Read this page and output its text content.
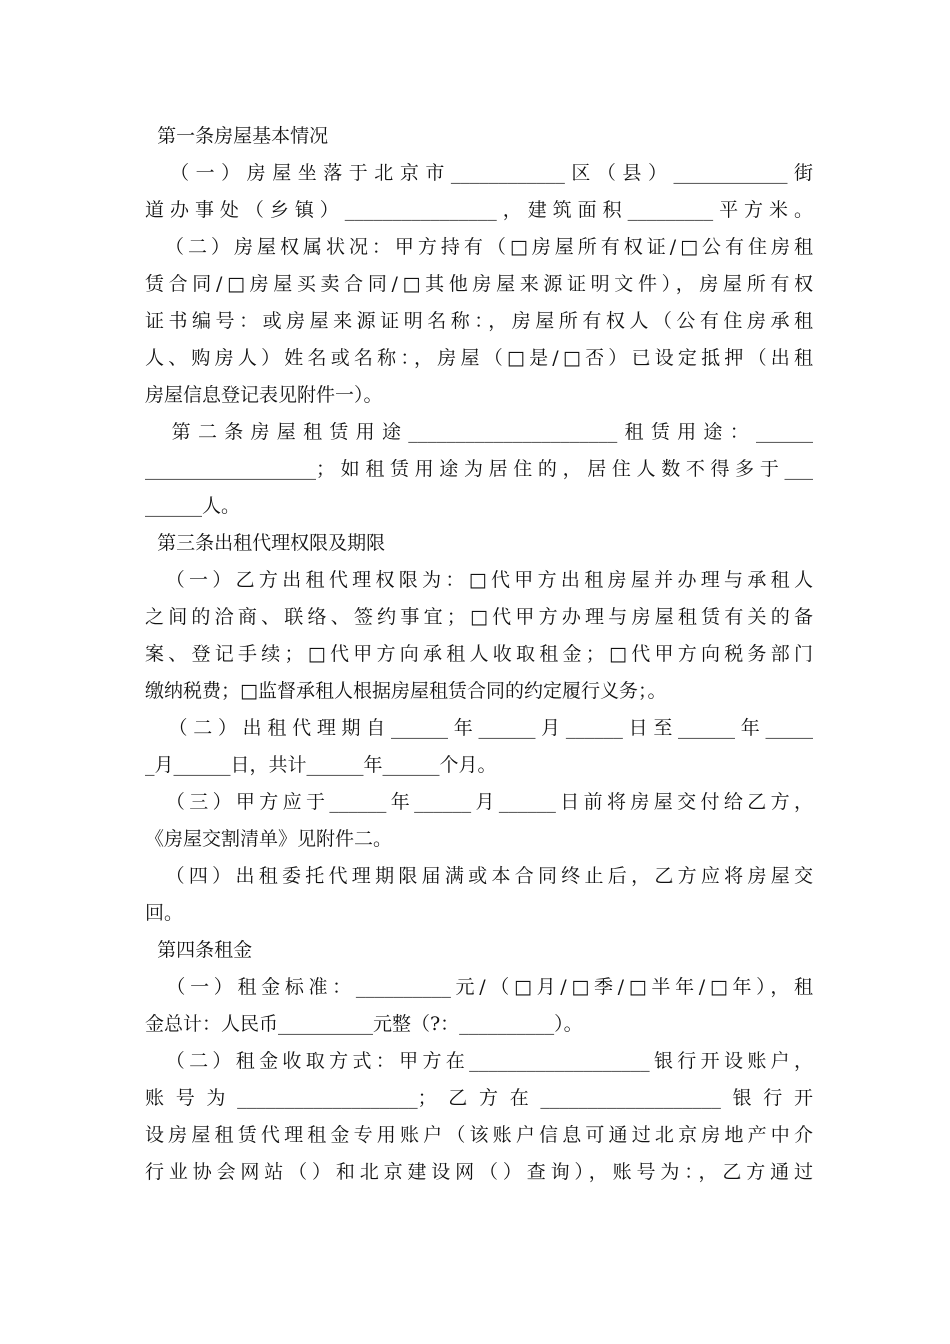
第一条房屋基本情况
（一）房屋坐落于北京市____________区（县）____________街
道办事处（乡镇）________________，建筑面积_________平方米。
（二）房屋权属状况：甲方持有（□房屋所有权证/□公有住房租
赁合同/□房屋买卖合同/□其他房屋来源证明文件），房屋所有权
证书编号：或房屋来源证明名称：，房屋所有权人（公有住房承租
人、购房人）姓名或名称：，房屋（□是/□否）已设定抵押（出租
房屋信息登记表见附件一）。
第二条房屋租赁用途______________________租赁用途：______
__________________；如租赁用途为居住的，居住人数不得多于___
______人。
第三条出租代理权限及期限
（一）乙方出租代理权限为：□代甲方出租房屋并办理与承租人
之间的洽商、联络、签约事宜；□代甲方办理与房屋租赁有关的备
案、登记手续；□代甲方向承租人收取租金；□代甲方向税务部门
缴纳税费；□监督承租人根据房屋租赁合同的约定履行义务；。
（二）出租代理期自______年______月______日至______年_____
_月______日，共计______年______个月。
（三）甲方应于______年______月______日前将房屋交付给乙方，
《房屋交割清单》见附件二。
（四）出租委托代理期限届满或本合同终止后，乙方应将房屋交
回。
第四条租金
（一）租金标准：__________元/（□月/□季/□半年/□年），租
金总计：人民币__________元整（?：__________）。
（二）租金收取方式：甲方在___________________银行开设账户，
账号为___________________；乙方在___________________银行开
设房屋租赁代理租金专用账户（该账户信息可通过北京房地产中介
行业协会网站（）和北京建设网（）查询），账号为：，乙方通过
